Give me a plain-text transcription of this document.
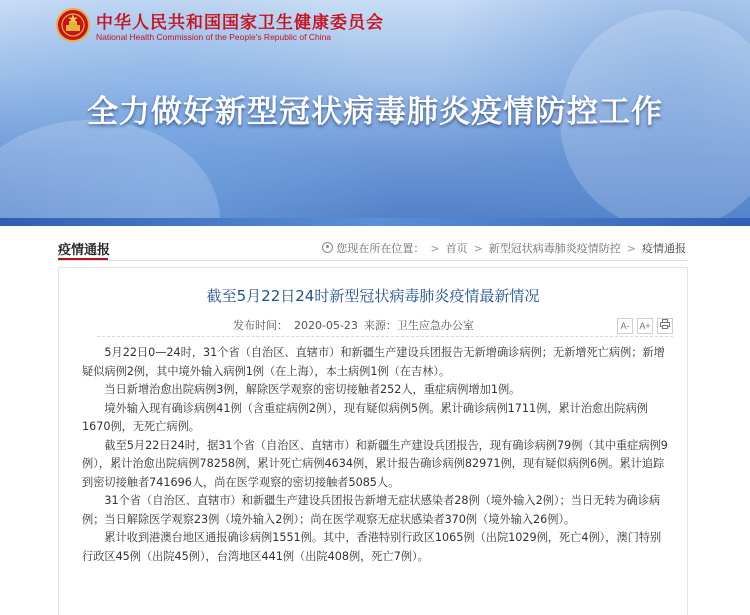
中华人民共和国国家卫生健康委员会
National Health Commission of the People's Republic of China
全力做好新型冠状病毒肺炎疫情防控工作
疫情通报	您现在所在位置： > 首页 > 新型冠状病毒肺炎疫情防控 > 疫情通报
截至5月22日24时新型冠状病毒肺炎疫情最新情况
发布时间： 2020-05-23 来源：卫生应急办公室	A- A+

5月22日0—24时，31个省（自治区、直辖市）和新疆生产建设兵团报告无新增确诊病例；无新增死亡病例；新增疑似病例2例，其中境外输入病例1例（在上海），本土病例1例（在吉林）。

当日新增治愈出院病例3例，解除医学观察的密切接触者252人，重症病例增加1例。

境外输入现有确诊病例41例（含重症病例2例），现有疑似病例5例。累计确诊病例1711例，累计治愈出院病例1670例，无死亡病例。

截至5月22日24时，据31个省（自治区、直辖市）和新疆生产建设兵团报告，现有确诊病例79例（其中重症病例9例），累计治愈出院病例78258例，累计死亡病例4634例，累计报告确诊病例82971例，现有疑似病例6例。累计追踪到密切接触者741696人，尚在医学观察的密切接触者5085人。

31个省（自治区、直辖市）和新疆生产建设兵团报告新增无症状感染者28例（境外输入2例）；当日无转为确诊病例；当日解除医学观察23例（境外输入2例）；尚在医学观察无症状感染者370例（境外输入26例）。

累计收到港澳台地区通报确诊病例1551例。其中，香港特别行政区1065例（出院1029例，死亡4例），澳门特别行政区45例（出院45例），台湾地区441例（出院408例，死亡7例）。
